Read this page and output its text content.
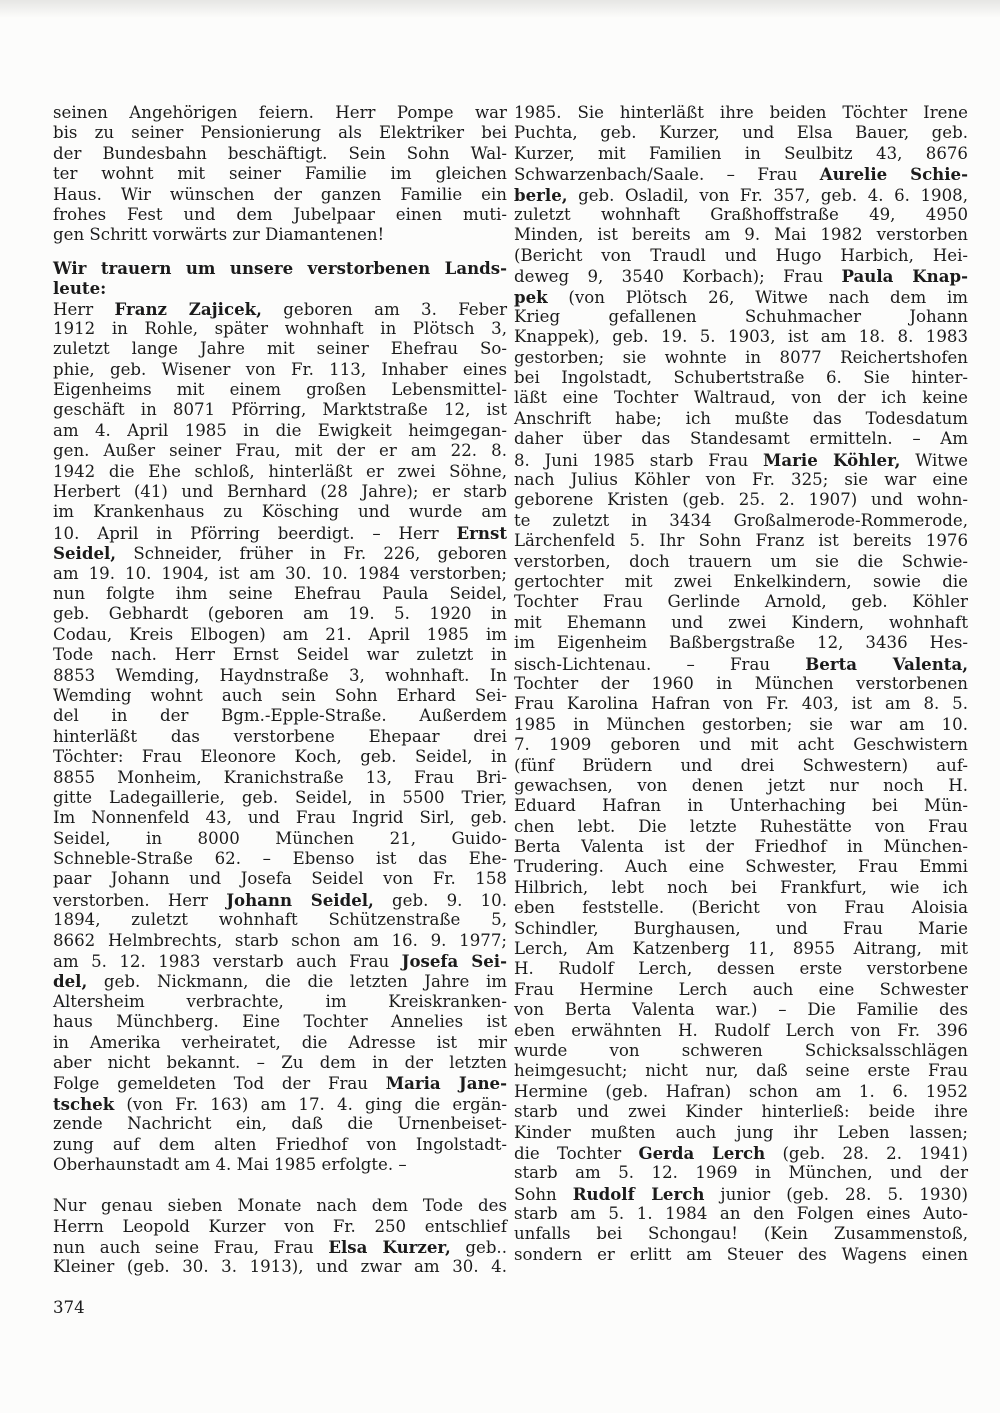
seinen Angehörigen feiern. Herr Pompe war
bis zu seiner Pensionierung als Elektriker bei
der Bundesbahn beschäftigt. Sein Sohn Wal-
ter wohnt mit seiner Familie im gleichen
Haus. Wir wünschen der ganzen Familie ein
frohes Fest und dem Jubelpaar einen muti-
gen Schritt vorwärts zur Diamantenen!
Wir trauern um unsere verstorbenen Lands-
leute:
Herr Franz Zajicek, geboren am 3. Feber
1912 in Rohle, später wohnhaft in Plötsch 3,
zuletzt lange Jahre mit seiner Ehefrau So-
phie, geb. Wisener von Fr. 113, Inhaber eines
Eigenheims mit einem großen Lebensmittel-
geschäft in 8071 Pförring, Marktstraße 12, ist
am 4. April 1985 in die Ewigkeit heimgegan-
gen. Außer seiner Frau, mit der er am 22. 8.
1942 die Ehe schloß, hinterläßt er zwei Söhne,
Herbert (41) und Bernhard (28 Jahre); er starb
im Krankenhaus zu Kösching und wurde am
10. April in Pförring beerdigt. – Herr Ernst
Seidel, Schneider, früher in Fr. 226, geboren
am 19. 10. 1904, ist am 30. 10. 1984 verstorben;
nun folgte ihm seine Ehefrau Paula Seidel,
geb. Gebhardt (geboren am 19. 5. 1920 in
Codau, Kreis Elbogen) am 21. April 1985 im
Tode nach. Herr Ernst Seidel war zuletzt in
8853 Wemding, Haydnstraße 3, wohnhaft. In
Wemding wohnt auch sein Sohn Erhard Sei-
del in der Bgm.-Epple-Straße. Außerdem
hinterläßt das verstorbene Ehepaar drei
Töchter: Frau Eleonore Koch, geb. Seidel, in
8855 Monheim, Kranichstraße 13, Frau Bri-
gitte Ladegaillerie, geb. Seidel, in 5500 Trier,
Im Nonnenfeld 43, und Frau Ingrid Sirl, geb.
Seidel, in 8000 München 21, Guido-
Schneble-Straße 62. – Ebenso ist das Ehe-
paar Johann und Josefa Seidel von Fr. 158
verstorben. Herr Johann Seidel, geb. 9. 10.
1894, zuletzt wohnhaft Schützenstraße 5,
8662 Helmbrechts, starb schon am 16. 9. 1977;
am 5. 12. 1983 verstarb auch Frau Josefa Sei-
del, geb. Nickmann, die die letzten Jahre im
Altersheim verbrachte, im Kreiskranken-
haus Münchberg. Eine Tochter Annelies ist
in Amerika verheiratet, die Adresse ist mir
aber nicht bekannt. – Zu dem in der letzten
Folge gemeldeten Tod der Frau Maria Jane-
tschek (von Fr. 163) am 17. 4. ging die ergän-
zende Nachricht ein, daß die Urnenbeiset-
zung auf dem alten Friedhof von Ingolstadt-
Oberhaunstadt am 4. Mai 1985 erfolgte. –
Nur genau sieben Monate nach dem Tode des
Herrn Leopold Kurzer von Fr. 250 entschlief
nun auch seine Frau, Frau Elsa Kurzer, geb..
Kleiner (geb. 30. 3. 1913), und zwar am 30. 4.
1985. Sie hinterläßt ihre beiden Töchter Irene
Puchta, geb. Kurzer, und Elsa Bauer, geb.
Kurzer, mit Familien in Seulbitz 43, 8676
Schwarzenbach/Saale. – Frau Aurelie Schie-
berle, geb. Osladil, von Fr. 357, geb. 4. 6. 1908,
zuletzt wohnhaft Graßhoffstraße 49, 4950
Minden, ist bereits am 9. Mai 1982 verstorben
(Bericht von Traudl und Hugo Harbich, Hei-
deweg 9, 3540 Korbach); Frau Paula Knap-
pek (von Plötsch 26, Witwe nach dem im
Krieg gefallenen Schuhmacher Johann
Knappek), geb. 19. 5. 1903, ist am 18. 8. 1983
gestorben; sie wohnte in 8077 Reichertshofen
bei Ingolstadt, Schubertstraße 6. Sie hinter-
läßt eine Tochter Waltraud, von der ich keine
Anschrift habe; ich mußte das Todesdatum
daher über das Standesamt ermitteln. – Am
8. Juni 1985 starb Frau Marie Köhler, Witwe
nach Julius Köhler von Fr. 325; sie war eine
geborene Kristen (geb. 25. 2. 1907) und wohn-
te zuletzt in 3434 Großalmerode-Rommerode,
Lärchenfeld 5. Ihr Sohn Franz ist bereits 1976
verstorben, doch trauern um sie die Schwie-
gertochter mit zwei Enkelkindern, sowie die
Tochter Frau Gerlinde Arnold, geb. Köhler
mit Ehemann und zwei Kindern, wohnhaft
im Eigenheim Baßbergstraße 12, 3436 Hes-
sisch-Lichtenau. – Frau Berta Valenta,
Tochter der 1960 in München verstorbenen
Frau Karolina Hafran von Fr. 403, ist am 8. 5.
1985 in München gestorben; sie war am 10.
7. 1909 geboren und mit acht Geschwistern
(fünf Brüdern und drei Schwestern) auf-
gewachsen, von denen jetzt nur noch H.
Eduard Hafran in Unterhaching bei Mün-
chen lebt. Die letzte Ruhestätte von Frau
Berta Valenta ist der Friedhof in München-
Trudering. Auch eine Schwester, Frau Emmi
Hilbrich, lebt noch bei Frankfurt, wie ich
eben feststelle. (Bericht von Frau Aloisia
Schindler, Burghausen, und Frau Marie
Lerch, Am Katzenberg 11, 8955 Aitrang, mit
H. Rudolf Lerch, dessen erste verstorbene
Frau Hermine Lerch auch eine Schwester
von Berta Valenta war.) – Die Familie des
eben erwähnten H. Rudolf Lerch von Fr. 396
wurde von schweren Schicksalsschlägen
heimgesucht; nicht nur, daß seine erste Frau
Hermine (geb. Hafran) schon am 1. 6. 1952
starb und zwei Kinder hinterließ: beide ihre
Kinder mußten auch jung ihr Leben lassen;
die Tochter Gerda Lerch (geb. 28. 2. 1941)
starb am 5. 12. 1969 in München, und der
Sohn Rudolf Lerch junior (geb. 28. 5. 1930)
starb am 5. 1. 1984 an den Folgen eines Auto-
unfalls bei Schongau! (Kein Zusammenstoß,
sondern er erlitt am Steuer des Wagens einen
374
